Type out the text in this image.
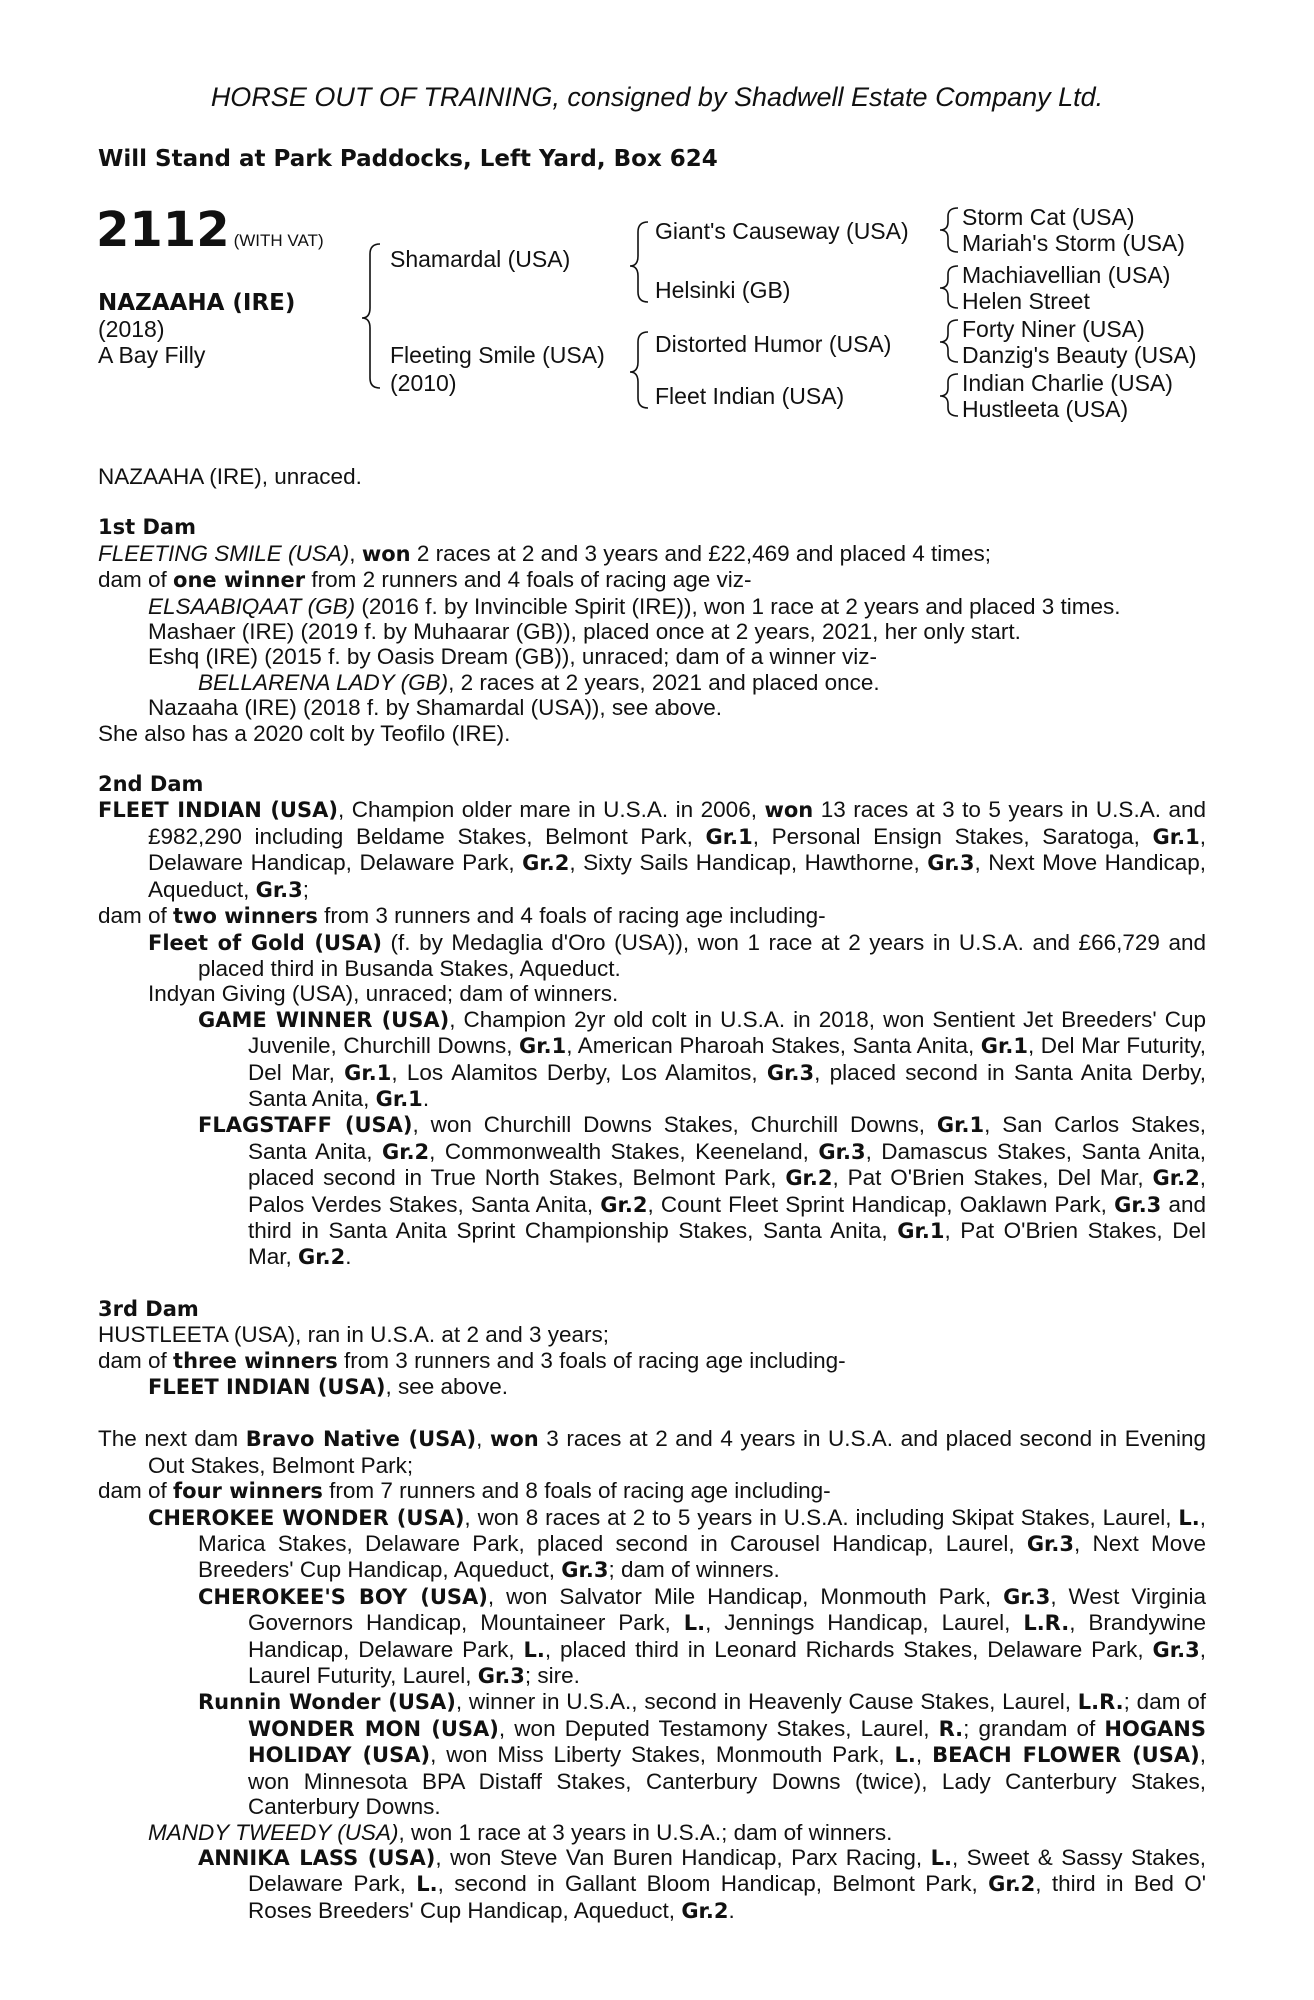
HORSE OUT OF TRAINING, consigned by Shadwell Estate Company Ltd.
Will Stand at Park Paddocks, Left Yard, Box 624
2112 (WITH VAT)
NAZAAHA (IRE)
(2018)
A Bay Filly
Shamardal (USA)
Fleeting Smile (USA)
(2010)
Giant's Causeway (USA)
Helsinki (GB)
Distorted Humor (USA)
Fleet Indian (USA)
Storm Cat (USA)
Mariah's Storm (USA)
Machiavellian (USA)
Helen Street
Forty Niner (USA)
Danzig's Beauty (USA)
Indian Charlie (USA)
Hustleeta (USA)

NAZAAHA (IRE), unraced.

1st Dam

FLEETING SMILE (USA), won 2 races at 2 and 3 years and £22,469 and placed 4 times;

dam of one winner from 2 runners and 4 foals of racing age viz-

ELSAABIQAAT (GB) (2016 f. by Invincible Spirit (IRE)), won 1 race at 2 years and placed 3 times.

Mashaer (IRE) (2019 f. by Muhaarar (GB)), placed once at 2 years, 2021, her only start.

Eshq (IRE) (2015 f. by Oasis Dream (GB)), unraced; dam of a winner viz-

BELLARENA LADY (GB), 2 races at 2 years, 2021 and placed once.

Nazaaha (IRE) (2018 f. by Shamardal (USA)), see above.

She also has a 2020 colt by Teofilo (IRE).

2nd Dam

FLEET INDIAN (USA), Champion older mare in U.S.A. in 2006, won 13 races at 3 to 5 years in U.S.A. and £982,290 including Beldame Stakes, Belmont Park, Gr.1, Personal Ensign Stakes, Saratoga, Gr.1, Delaware Handicap, Delaware Park, Gr.2, Sixty Sails Handicap, Hawthorne, Gr.3, Next Move Handicap, Aqueduct, Gr.3;

dam of two winners from 3 runners and 4 foals of racing age including-

Fleet of Gold (USA) (f. by Medaglia d'Oro (USA)), won 1 race at 2 years in U.S.A. and £66,729 and placed third in Busanda Stakes, Aqueduct.

Indyan Giving (USA), unraced; dam of winners.

GAME WINNER (USA), Champion 2yr old colt in U.S.A. in 2018, won Sentient Jet Breeders' Cup Juvenile, Churchill Downs, Gr.1, American Pharoah Stakes, Santa Anita, Gr.1, Del Mar Futurity, Del Mar, Gr.1, Los Alamitos Derby, Los Alamitos, Gr.3, placed second in Santa Anita Derby, Santa Anita, Gr.1.

FLAGSTAFF (USA), won Churchill Downs Stakes, Churchill Downs, Gr.1, San Carlos Stakes, Santa Anita, Gr.2, Commonwealth Stakes, Keeneland, Gr.3, Damascus Stakes, Santa Anita, placed second in True North Stakes, Belmont Park, Gr.2, Pat O'Brien Stakes, Del Mar, Gr.2, Palos Verdes Stakes, Santa Anita, Gr.2, Count Fleet Sprint Handicap, Oaklawn Park, Gr.3 and third in Santa Anita Sprint Championship Stakes, Santa Anita, Gr.1, Pat O'Brien Stakes, Del Mar, Gr.2.

3rd Dam

HUSTLEETA (USA), ran in U.S.A. at 2 and 3 years;

dam of three winners from 3 runners and 3 foals of racing age including-

FLEET INDIAN (USA), see above.

The next dam Bravo Native (USA), won 3 races at 2 and 4 years in U.S.A. and placed second in Evening Out Stakes, Belmont Park;

dam of four winners from 7 runners and 8 foals of racing age including-

CHEROKEE WONDER (USA), won 8 races at 2 to 5 years in U.S.A. including Skipat Stakes, Laurel, L., Marica Stakes, Delaware Park, placed second in Carousel Handicap, Laurel, Gr.3, Next Move Breeders' Cup Handicap, Aqueduct, Gr.3; dam of winners.

CHEROKEE'S BOY (USA), won Salvator Mile Handicap, Monmouth Park, Gr.3, West Virginia Governors Handicap, Mountaineer Park, L., Jennings Handicap, Laurel, L.R., Brandywine Handicap, Delaware Park, L., placed third in Leonard Richards Stakes, Delaware Park, Gr.3, Laurel Futurity, Laurel, Gr.3; sire.

Runnin Wonder (USA), winner in U.S.A., second in Heavenly Cause Stakes, Laurel, L.R.; dam of WONDER MON (USA), won Deputed Testamony Stakes, Laurel, R.; grandam of HOGANS HOLIDAY (USA), won Miss Liberty Stakes, Monmouth Park, L., BEACH FLOWER (USA), won Minnesota BPA Distaff Stakes, Canterbury Downs (twice), Lady Canterbury Stakes, Canterbury Downs.

MANDY TWEEDY (USA), won 1 race at 3 years in U.S.A.; dam of winners.

ANNIKA LASS (USA), won Steve Van Buren Handicap, Parx Racing, L., Sweet & Sassy Stakes, Delaware Park, L., second in Gallant Bloom Handicap, Belmont Park, Gr.2, third in Bed O' Roses Breeders' Cup Handicap, Aqueduct, Gr.2.
